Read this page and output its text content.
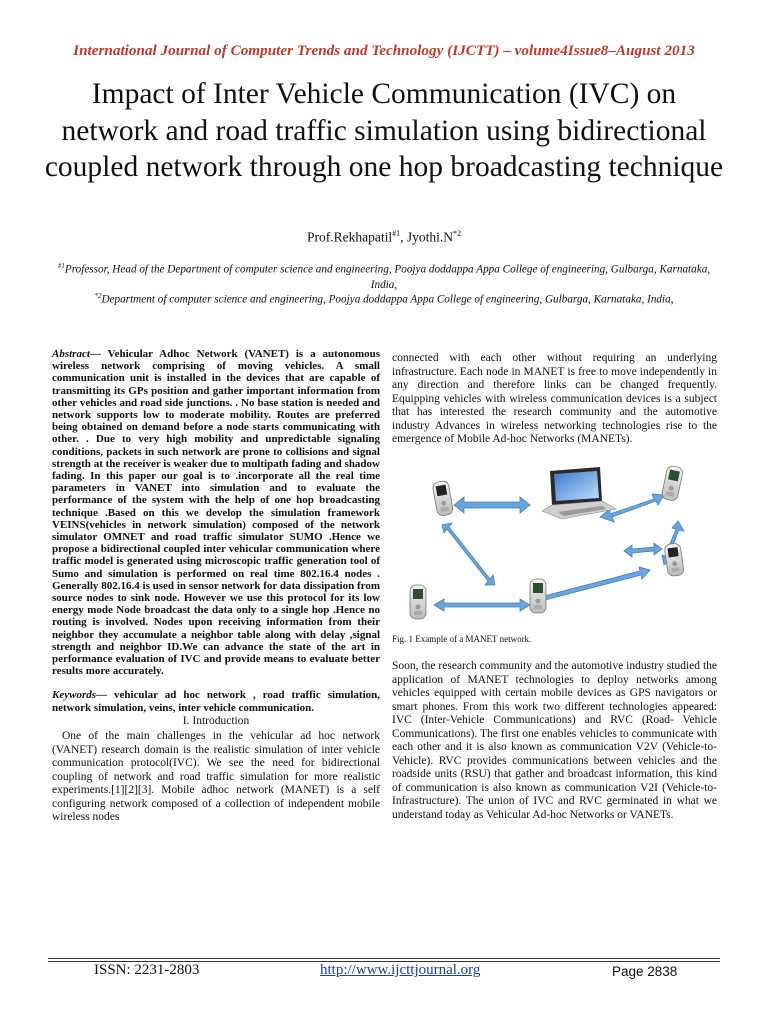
International Journal of Computer Trends and Technology (IJCTT) – volume4Issue8–August 2013
Impact of Inter Vehicle Communication (IVC) on network and road traffic simulation using bidirectional coupled network through one hop broadcasting technique
Prof.Rekhapatil$^{\#1}$, $Jyothi.N^{*2}$
$^{\#1}$Professor, Head of the Department of computer science and engineering, Poojya doddappa Appa College of engineering, Gulbarga, Karnataka, India,
$^{*2}$Department of computer science and engineering, Poojya doddappa Appa College of engineering, Gulbarga, Karnataka, India,

Abstract— Vehicular Adhoc Network (VANET) is a autonomous wireless network comprising of moving vehicles. A small communication unit is installed in the devices that are capable of transmitting its GPs position and gather important information from other vehicles and road side junctions. . No base station is needed and network supports low to moderate mobility. Routes are preferred being obtained on demand before a node starts communicating with other. . Due to very high mobility and unpredictable signaling conditions, packets in such network are prone to collisions and signal strength at the receiver is weaker due to multipath fading and shadow fading. In this paper our goal is to .incorporate all the real time parameters in VANET into simulation and to evaluate the performance of the system with the help of one hop broadcasting technique .Based on this we develop the simulation framework VEINS(vehicles in network simulation) composed of the network simulator OMNET and road traffic simulator SUMO .Hence we propose a bidirectional coupled inter vehicular communication where traffic model is generated using microscopic traffic generation tool of Sumo and simulation is performed on real time 802.16.4 nodes . Generally 802.16.4 is used in sensor network for data dissipation from source nodes to sink node. However we use this protocol for its low energy mode Node broadcast the data only to a single hop .Hence no routing is involved. Nodes upon receiving information from their neighbor they accumulate a neighbor table along with delay ,signal strength and neighbor ID.We can advance the state of the art in performance evaluation of IVC and provide means to evaluate better results more accurately.

Keywords— vehicular ad hoc network , road traffic simulation, network simulation, veins, inter vehicle communication.

I. Introduction

One of the main challenges in the vehicular ad hoc network (VANET) research domain is the realistic simulation of inter vehicle communication protocol(IVC). We see the need for bidirectional coupling of network and road traffic simulation for more realistic experiments.[1][2][3]. Mobile adhoc network (MANET) is a self configuring network composed of a collection of independent mobile wireless nodes

connected with each other without requiring an underlying infrastructure. Each node in MANET is free to move independently in any direction and therefore links can be changed frequently. Equipping vehicles with wireless communication devices is a subject that has interested the research community and the automotive industry Advances in wireless networking technologies rise to the emergence of Mobile Ad-hoc Networks (MANETs).

Fig. 1 Example of a MANET network.

Soon, the research community and the automotive industry studied the application of MANET technologies to deploy networks among vehicles equipped with certain mobile devices as GPS navigators or smart phones. From this work two different technologies appeared: IVC (Inter-Vehicle Communications) and RVC (Road- Vehicle Communications). The first one enables vehicles to communicate with each other and it is also known as communication V2V (Vehicle-to-Vehicle). RVC provides communications between vehicles and the roadside units (RSU) that gather and broadcast information, this kind of communication is also known as communication V2I (Vehicle-to-Infrastructure). The union of IVC and RVC germinated in what we understand today as Vehicular Ad-hoc Networks or VANETs.

ISSN: 2231-2803	http://www.ijcttjournal.org	Page 2838
